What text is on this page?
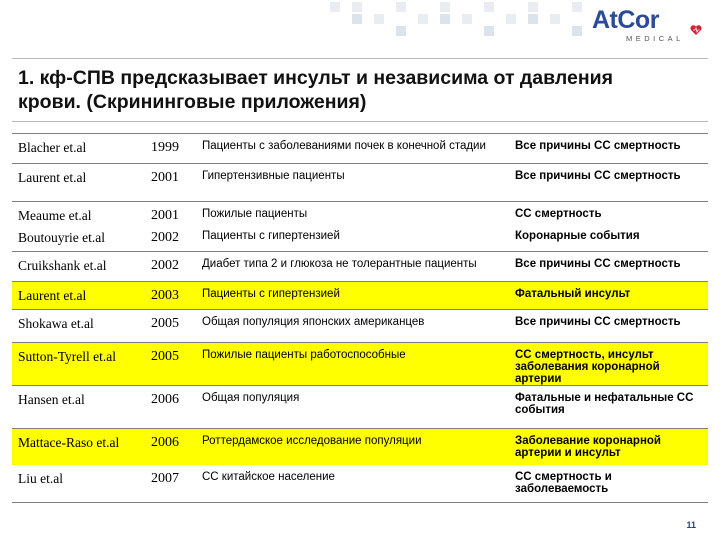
AtCor
MEDICAL
1. кф-СПВ предсказывает инсульт и независима от давления крови. (Скрининговые приложения)
Blacher et.al	1999	Пациенты с заболеваниями почек в конечной стадии	Все причины СС смертность
Laurent et.al	2001	Гипертензивные пациенты	Все причины СС смертность
Meaume et.al	2001	Пожилые пациенты	СС смертность
Boutouyrie et.al	2002	Пациенты с гипертензией	Коронарные события
Cruikshank et.al	2002	Диабет типа 2 и глюкоза не толерантные пациенты	Все причины СС смертность
Laurent et.al	2003	Пациенты с гипертензией	Фатальный инсульт
Shokawa et.al	2005	Общая популяция японских американцев	Все причины СС смертность
Sutton-Tyrell et.al	2005	Пожилые пациенты работоспособные	СС смертность, инсульт заболевания коронарной артерии
Hansen et.al	2006	Общая популяция	Фатальные и нефатальные СС события
Mattace-Raso et.al	2006	Роттердамское исследование популяции	Заболевание коронарной артерии и инсульт
Liu et.al	2007	СС китайское население	СС смертность и заболеваемость
11
